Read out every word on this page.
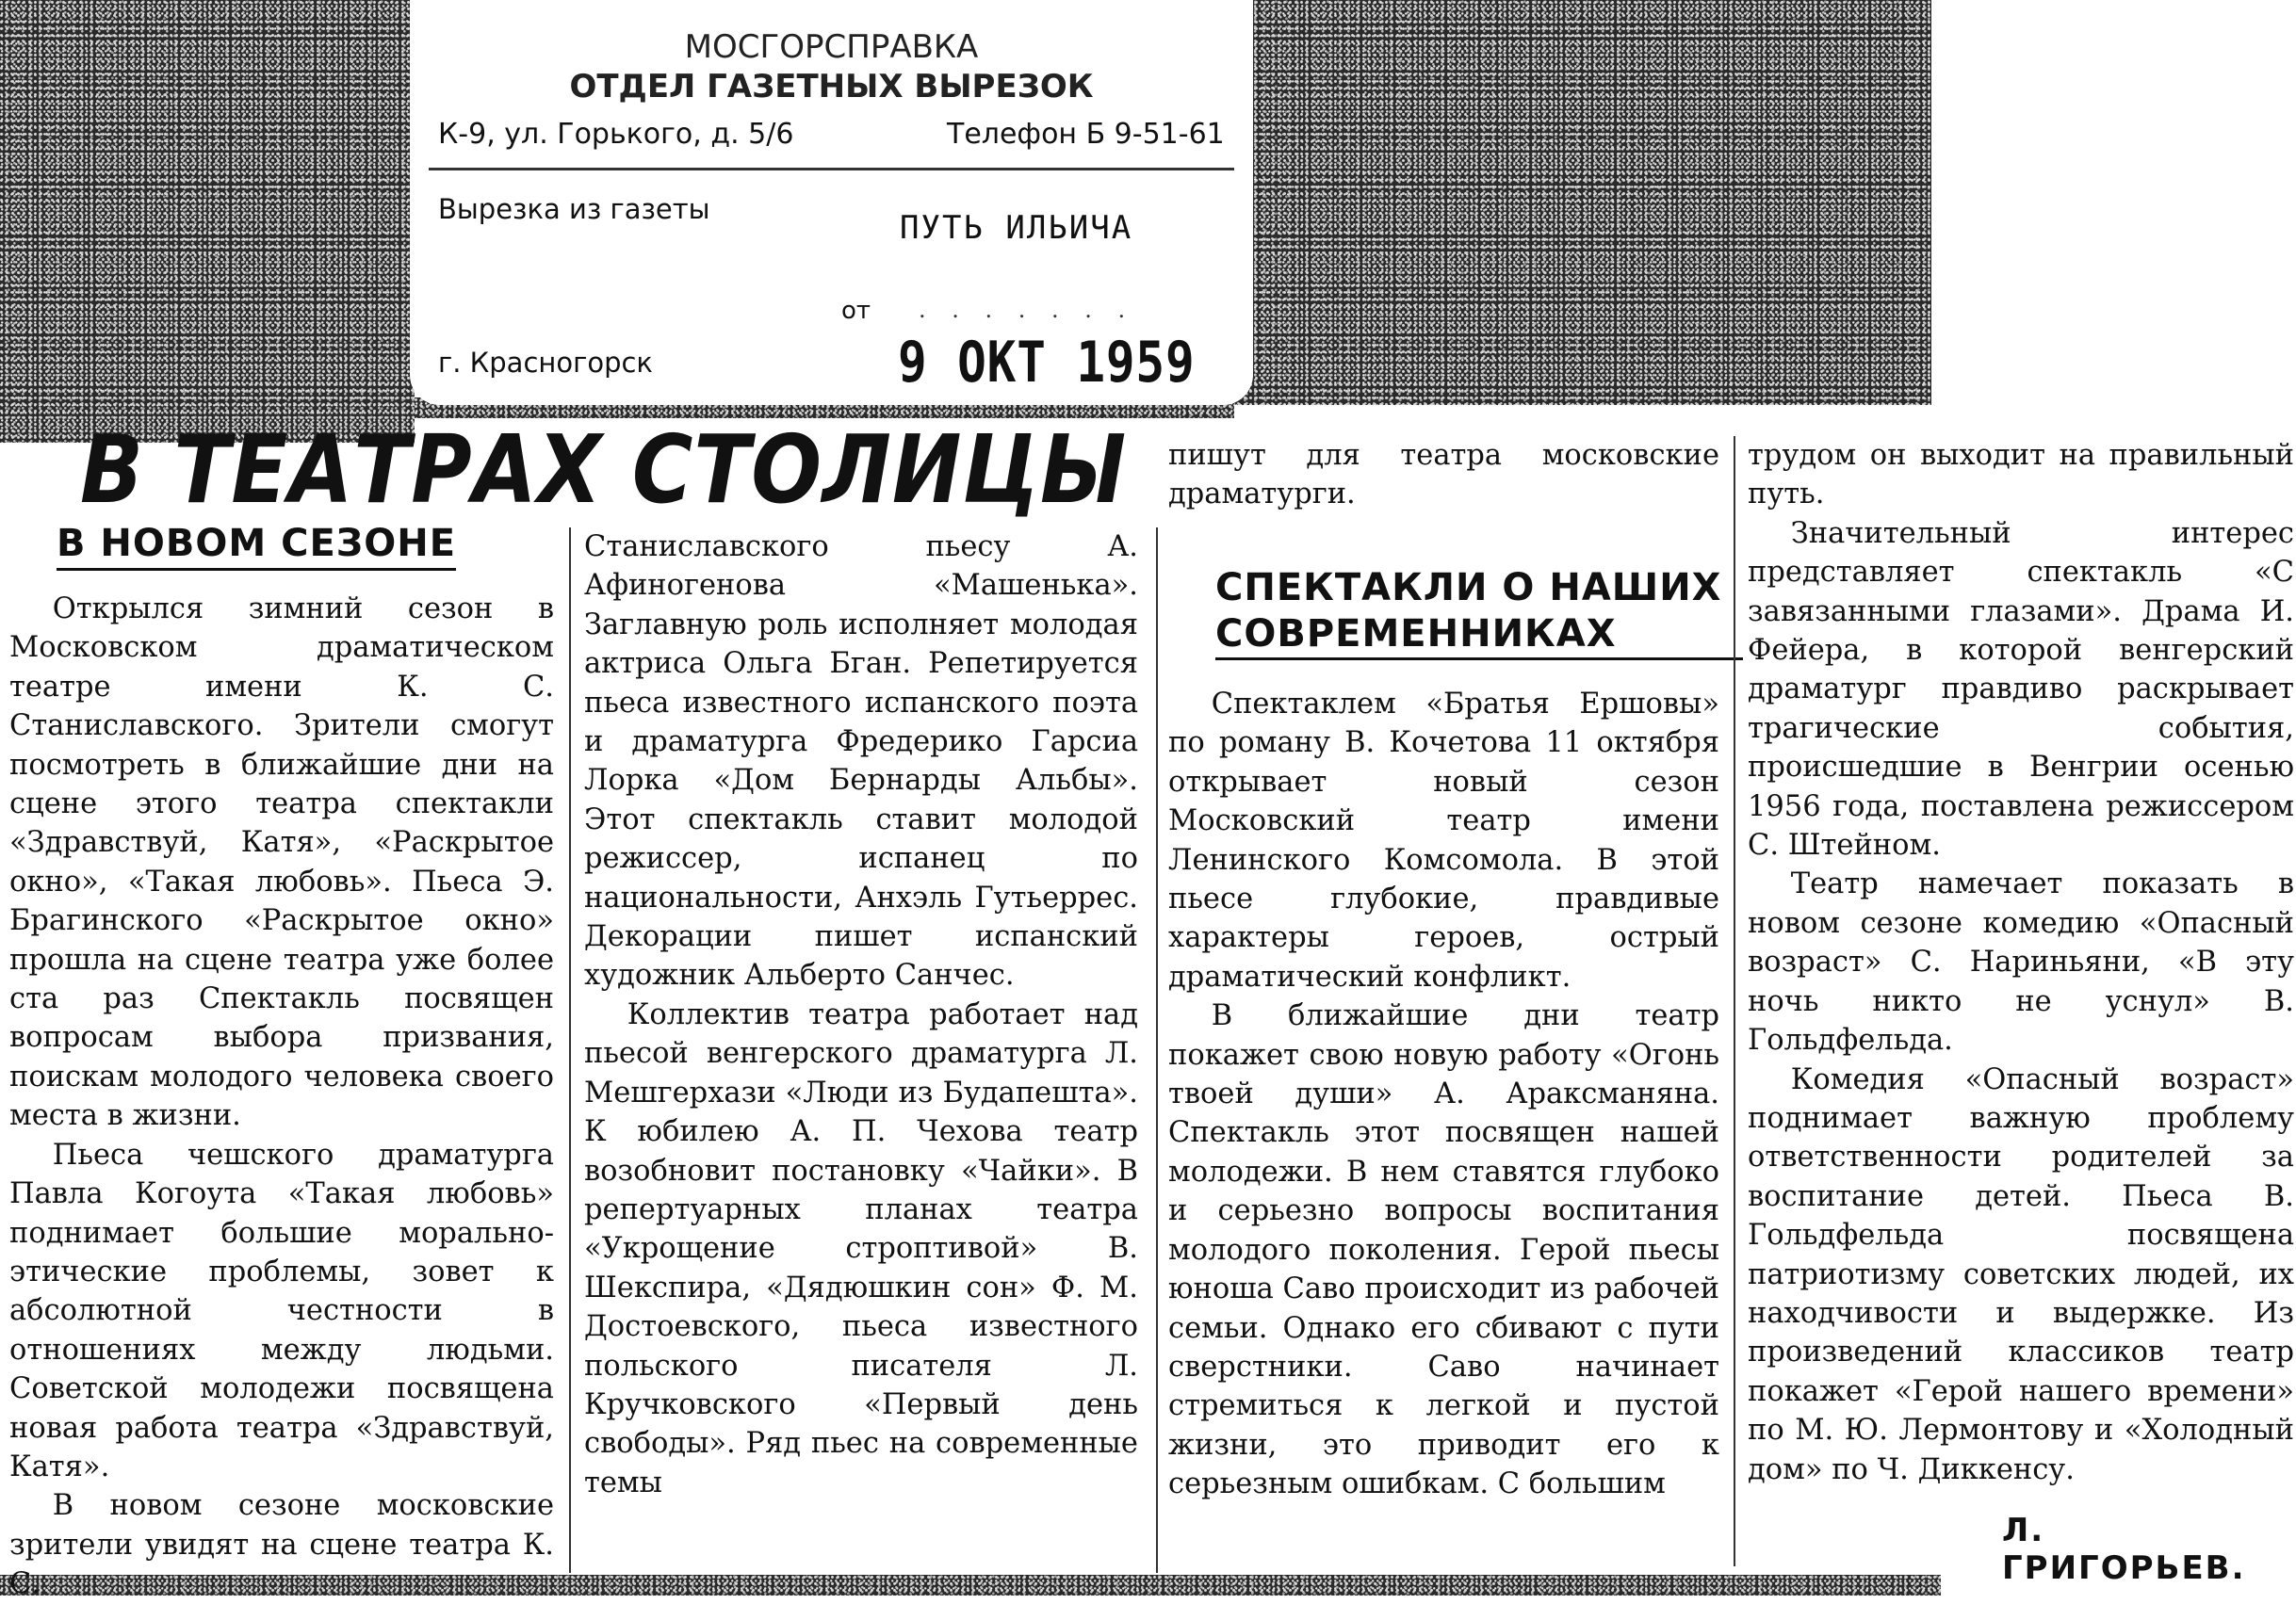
МОСГОРСПРАВКА
ОТДЕЛ ГАЗЕТНЫХ ВЫРЕЗОК
К-9, ул. Горького, д. 5/6	Телефон Б 9-51-61
Вырезка из газеты	ПУТЬ ИЛЬИЧА
от . . . . . . .
г. Красногорск	9 ОКТ 1959
В ТЕАТРАХ СТОЛИЦЫ
В НОВОМ СЕЗОНЕ

Открылся зимний сезон в Московском драматическом театре имени К. С. Станиславского. Зрители смогут посмотреть в ближайшие дни на сцене этого театра спектакли «Здравствуй, Катя», «Раскрытое окно», «Такая любовь». Пьеса Э. Брагинского «Раскрытое окно» прошла на сцене театра уже более ста раз Спектакль посвящен вопросам выбора призвания, поискам молодого человека своего места в жизни.

Пьеса чешского драматурга Павла Когоута «Такая любовь» поднимает большие морально-этические проблемы, зовет к абсолютной честности в отношениях между людьми. Советской молодежи посвящена новая работа театра «Здравствуй, Катя».

В новом сезоне московские зрители увидят на сцене театра К. С.

Станиславского пьесу А. Афиногенова «Машенька». Заглавную роль исполняет молодая актриса Ольга Бган. Репетируется пьеса известного испанского поэта и драматурга Фредерико Гарсиа Лорка «Дом Бернарды Альбы». Этот спектакль ставит молодой режиссер, испанец по национальности, Анхэль Гутьеррес. Декорации пишет испанский художник Альберто Санчес.

Коллектив театра работает над пьесой венгерского драматурга Л. Мешгерхази «Люди из Будапешта». К юбилею А. П. Чехова театр возобновит постановку «Чайки». В репертуарных планах театра «Укрощение строптивой» В. Шекспира, «Дядюшкин сон» Ф. М. Достоевского, пьеса известного польского писателя Л. Кручковского «Первый день свободы». Ряд пьес на современные темы

пишут для театра московские драматурги.

СПЕКТАКЛИ О НАШИХ СОВРЕМЕННИКАХ

Спектаклем «Братья Ершовы» по роману В. Кочетова 11 октября открывает новый сезон Московский театр имени Ленинского Комсомола. В этой пьесе глубокие, правдивые характеры героев, острый драматический конфликт.

В ближайшие дни театр покажет свою новую работу «Огонь твоей души» А. Араксманяна. Спектакль этот посвящен нашей молодежи. В нем ставятся глубоко и серьезно вопросы воспитания молодого поколения. Герой пьесы юноша Саво происходит из рабочей семьи. Однако его сбивают с пути сверстники. Саво начинает стремиться к легкой и пустой жизни, это приводит его к серьезным ошибкам. С большим

трудом он выходит на правильный путь.

Значительный интерес представляет спектакль «С завязанными глазами». Драма И. Фейера, в которой венгерский драматург правдиво раскрывает трагические события, происшедшие в Венгрии осенью 1956 года, поставлена режиссером С. Штейном.

Театр намечает показать в новом сезоне комедию «Опасный возраст» С. Нариньяни, «В эту ночь никто не уснул» В. Гольдфельда.

Комедия «Опасный возраст» поднимает важную проблему ответственности родителей за воспитание детей. Пьеса В. Гольдфельда посвящена патриотизму советских людей, их находчивости и выдержке. Из произведений классиков театр покажет «Герой нашего времени» по М. Ю. Лермонтову и «Холодный дом» по Ч. Диккенсу.

Л. ГРИГОРЬЕВ.
